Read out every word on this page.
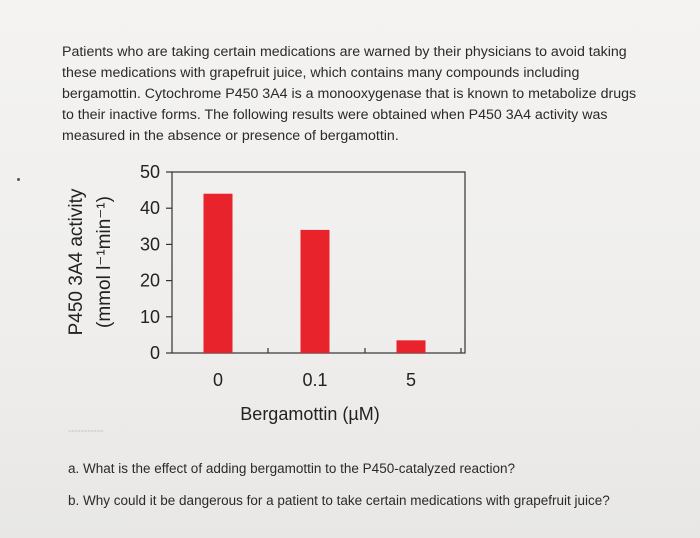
Patients who are taking certain medications are warned by their physicians to avoid taking these medications with grapefruit juice, which contains many compounds including bergamottin. Cytochrome P450 3A4 is a monooxygenase that is known to metabolize drugs to their inactive forms. The following results were obtained when P450 3A4 activity was measured in the absence or presence of bergamottin.

P450 3A4 activity (mmol l⁻¹min⁻¹)
0
10
20
30
40
50
0	0.1	5
Bergamottin (µM)
~~~~~~~~~~~

a. What is the effect of adding bergamottin to the P450-catalyzed reaction?

b. Why could it be dangerous for a patient to take certain medications with grapefruit juice?
